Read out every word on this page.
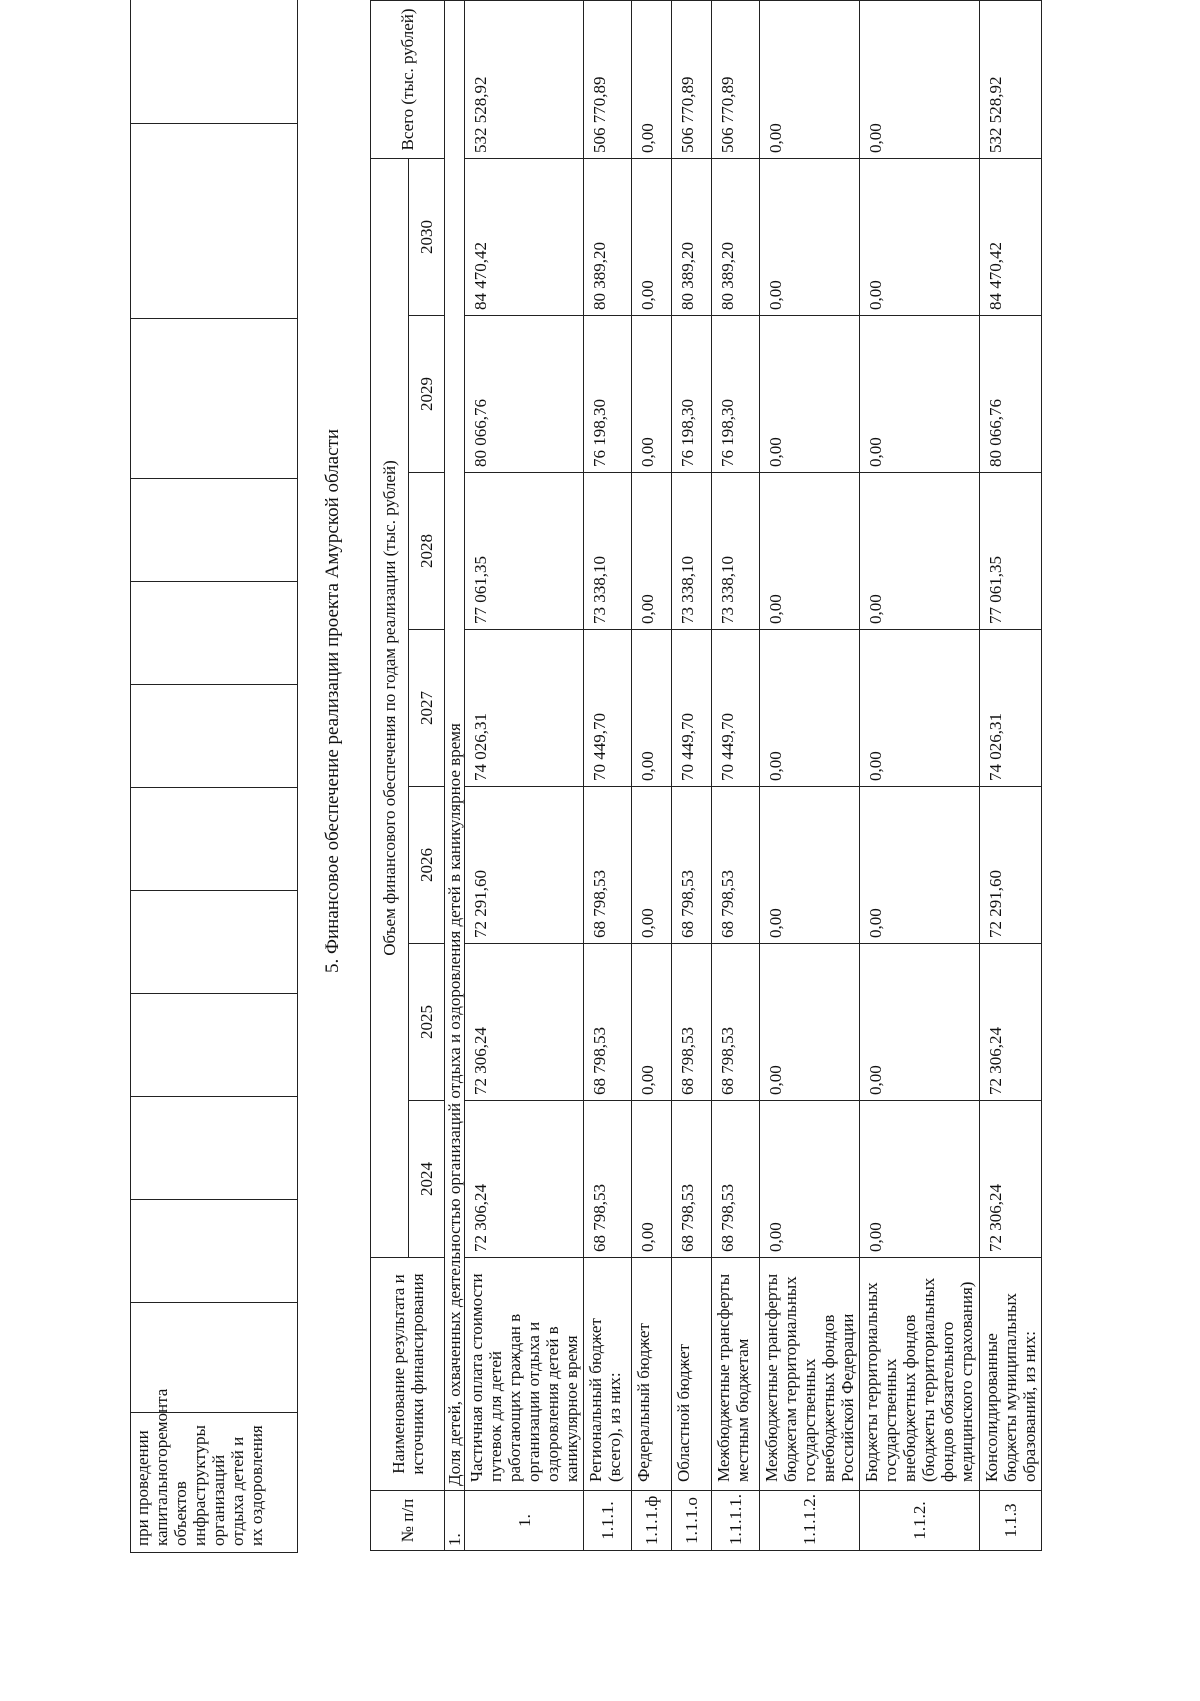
при проведении капитальногоремонта объектов инфраструктуры организаций отдыха детей и их оздоровления												
5. Финансовое обеспечение реализации проекта Амурской области
№ п/п	Наименование результата и источники финансирования	Объем финансового обеспечения по годам реализации (тыс. рублей)							Всего (тыс. рублей)
		2024	2025	2026	2027	2028	2029	2030	
1.	Доля детей, охваченных деятельностью организаций отдыха и оздоровления детей в каникулярное время								
1.	Частичная оплата стоимости путевок для детей работающих граждан в организации отдыха и оздоровления детей в каникулярное время	72 306,24	72 306,24	72 291,60	74 026,31	77 061,35	80 066,76	84 470,42	532 528,92
1.1.1.	Региональный бюджет (всего), из них:	68 798,53	68 798,53	68 798,53	70 449,70	73 338,10	76 198,30	80 389,20	506 770,89
1.1.1.ф	Федеральный бюджет	0,00	0,00	0,00	0,00	0,00	0,00	0,00	0,00
1.1.1.о	Областной бюджет	68 798,53	68 798,53	68 798,53	70 449,70	73 338,10	76 198,30	80 389,20	506 770,89
1.1.1.1.	Межбюджетные трансферты местным бюджетам	68 798,53	68 798,53	68 798,53	70 449,70	73 338,10	76 198,30	80 389,20	506 770,89
1.1.1.2.	Межбюджетные трансферты бюджетам территориальных государственных внебюджетных фондов Российской Федерации	0,00	0,00	0,00	0,00	0,00	0,00	0,00	0,00
1.1.2.	Бюджеты территориальных государственных внебюджетных фондов (бюджеты территориальных фондов обязательного медицинского страхования)	0,00	0,00	0,00	0,00	0,00	0,00	0,00	0,00
1.1.3	Консолидированные бюджеты муниципальных образований, из них:	72 306,24	72 306,24	72 291,60	74 026,31	77 061,35	80 066,76	84 470,42	532 528,92
